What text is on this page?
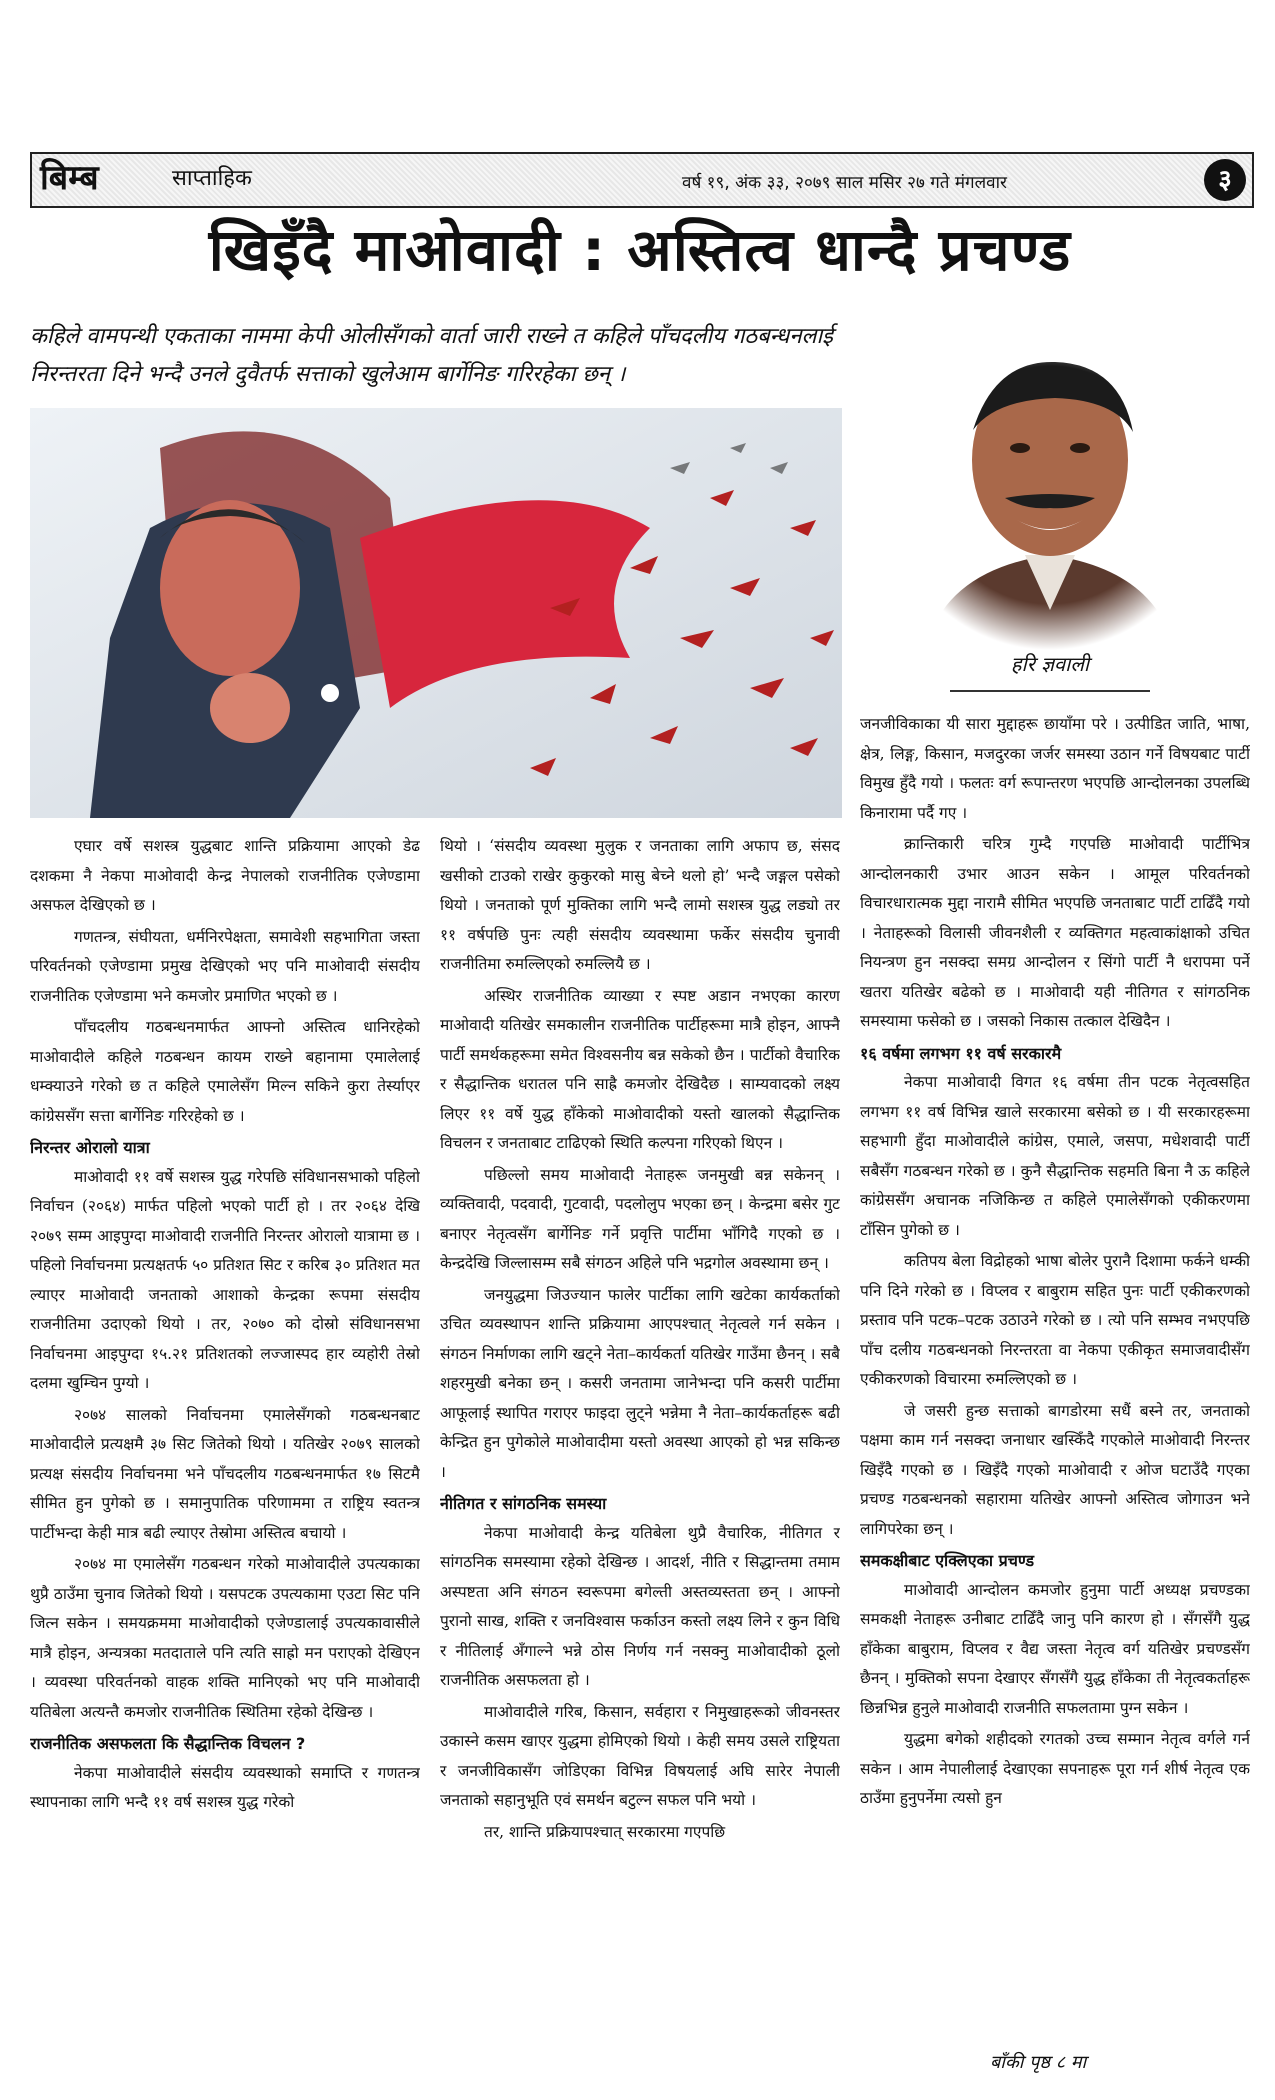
बिम्ब	साप्ताहिक	वर्ष १९, अंक ३३, २०७९ साल मसिर २७ गते मंगलवार	३
खिइँदै माओवादी : अस्तित्व धान्दै प्रचण्ड
कहिले वामपन्थी एकताका नाममा केपी ओलीसँगको वार्ता जारी राख्ने त कहिले पाँचदलीय गठबन्धनलाई निरन्तरता दिने भन्दै उनले दुवैतर्फ सत्ताको खुलेआम बार्गेनिङ गरिरहेका छन् ।
हरि ज्ञवाली

एघार वर्षे सशस्त्र युद्धबाट शान्ति प्रक्रियामा आएको डेढ दशकमा नै नेकपा माओवादी केन्द्र नेपालको राजनीतिक एजेण्डामा असफल देखिएको छ ।

गणतन्त्र, संघीयता, धर्मनिरपेक्षता, समावेशी सहभागिता जस्ता परिवर्तनको एजेण्डामा प्रमुख देखिएको भए पनि माओवादी संसदीय राजनीतिक एजेण्डामा भने कमजोर प्रमाणित भएको छ ।

पाँचदलीय गठबन्धनमार्फत आफ्नो अस्तित्व धानिरहेको माओवादीले कहिले गठबन्धन कायम राख्ने बहानामा एमालेलाई धम्क्याउने गरेको छ त कहिले एमालेसँग मिल्न सकिने कुरा तेर्स्याएर कांग्रेससँग सत्ता बार्गेनिङ गरिरहेको छ ।

निरन्तर ओरालो यात्रा

माओवादी ११ वर्षे सशस्त्र युद्ध गरेपछि संविधानसभाको पहिलो निर्वाचन (२०६४) मार्फत पहिलो भएको पार्टी हो । तर २०६४ देखि २०७९ सम्म आइपुग्दा माओवादी राजनीति निरन्तर ओरालो यात्रामा छ । पहिलो निर्वाचनमा प्रत्यक्षतर्फ ५० प्रतिशत सिट र करिब ३० प्रतिशत मत ल्याएर माओवादी जनताको आशाको केन्द्रका रूपमा संसदीय राजनीतिमा उदाएको थियो । तर, २०७० को दोस्रो संविधानसभा निर्वाचनमा आइपुग्दा १५.२१ प्रतिशतको लज्जास्पद हार व्यहोरी तेस्रो दलमा खुम्चिन पुग्यो ।

२०७४ सालको निर्वाचनमा एमालेसँगको गठबन्धनबाट माओवादीले प्रत्यक्षमै ३७ सिट जितेको थियो । यतिखेर २०७९ सालको प्रत्यक्ष संसदीय निर्वाचनमा भने पाँचदलीय गठबन्धनमार्फत १७ सिटमै सीमित हुन पुगेको छ । समानुपातिक परिणाममा त राष्ट्रिय स्वतन्त्र पार्टीभन्दा केही मात्र बढी ल्याएर तेस्रोमा अस्तित्व बचायो ।

२०७४ मा एमालेसँग गठबन्धन गरेको माओवादीले उपत्यकाका थुप्रै ठाउँमा चुनाव जितेको थियो । यसपटक उपत्यकामा एउटा सिट पनि जित्न सकेन । समयक्रममा माओवादीको एजेण्डालाई उपत्यकावासीले मात्रै होइन, अन्यत्रका मतदाताले पनि त्यति साह्रो मन पराएको देखिएन । व्यवस्था परिवर्तनको वाहक शक्ति मानिएको भए पनि माओवादी यतिबेला अत्यन्तै कमजोर राजनीतिक स्थितिमा रहेको देखिन्छ ।

राजनीतिक असफलता कि सैद्धान्तिक विचलन ?

नेकपा माओवादीले संसदीय व्यवस्थाको समाप्ति र गणतन्त्र स्थापनाका लागि भन्दै ११ वर्ष सशस्त्र युद्ध गरेको

थियो । ‘संसदीय व्यवस्था मुलुक र जनताका लागि अफाप छ, संसद खसीको टाउको राखेर कुकुरको मासु बेच्ने थलो हो’ भन्दै जङ्गल पसेको थियो । जनताको पूर्ण मुक्तिका लागि भन्दै लामो सशस्त्र युद्ध लड्यो तर ११ वर्षपछि पुनः त्यही संसदीय व्यवस्थामा फर्केर संसदीय चुनावी राजनीतिमा रुमल्लिएको रुमल्लियै छ ।

अस्थिर राजनीतिक व्याख्या र स्पष्ट अडान नभएका कारण माओवादी यतिखेर समकालीन राजनीतिक पार्टीहरूमा मात्रै होइन, आफ्नै पार्टी समर्थकहरूमा समेत विश्वसनीय बन्न सकेको छैन । पार्टीको वैचारिक र सैद्धान्तिक धरातल पनि साह्रै कमजोर देखिदैछ । साम्यवादको लक्ष्य लिएर ११ वर्षे युद्ध हाँकेको माओवादीको यस्तो खालको सैद्धान्तिक विचलन र जनताबाट टाढिएको स्थिति कल्पना गरिएको थिएन ।

पछिल्लो समय माओवादी नेताहरू जनमुखी बन्न सकेनन् । व्यक्तिवादी, पदवादी, गुटवादी, पदलोलुप भएका छन् । केन्द्रमा बसेर गुट बनाएर नेतृत्वसँग बार्गेनिङ गर्ने प्रवृत्ति पार्टीमा भाँगिदै गएको छ । केन्द्रदेखि जिल्लासम्म सबै संगठन अहिले पनि भद्रगोल अवस्थामा छन् ।

जनयुद्धमा जिउज्यान फालेर पार्टीका लागि खटेका कार्यकर्ताको उचित व्यवस्थापन शान्ति प्रक्रियामा आएपश्चात् नेतृत्वले गर्न सकेन । संगठन निर्माणका लागि खट्ने नेता–कार्यकर्ता यतिखेर गाउँमा छैनन् । सबै शहरमुखी बनेका छन् । कसरी जनतामा जानेभन्दा पनि कसरी पार्टीमा आफूलाई स्थापित गराएर फाइदा लुट्ने भन्नेमा नै नेता–कार्यकर्ताहरू बढी केन्द्रित हुन पुगेकोले माओवादीमा यस्तो अवस्था आएको हो भन्न सकिन्छ ।

नीतिगत र सांगठनिक समस्या

नेकपा माओवादी केन्द्र यतिबेला थुप्रै वैचारिक, नीतिगत र सांगठनिक समस्यामा रहेको देखिन्छ । आदर्श, नीति र सिद्धान्तमा तमाम अस्पष्टता अनि संगठन स्वरूपमा बगेल्ती अस्तव्यस्तता छन् । आफ्नो पुरानो साख, शक्ति र जनविश्वास फर्काउन कस्तो लक्ष्य लिने र कुन विधि र नीतिलाई अँगाल्ने भन्ने ठोस निर्णय गर्न नसक्नु माओवादीको ठूलो राजनीतिक असफलता हो ।

माओवादीले गरिब, किसान, सर्वहारा र निमुखाहरूको जीवनस्तर उकास्ने कसम खाएर युद्धमा होमिएको थियो । केही समय उसले राष्ट्रियता र जनजीविकासँग जोडिएका विभिन्न विषयलाई अघि सारेर नेपाली जनताको सहानुभूति एवं समर्थन बटुल्न सफल पनि भयो ।

तर, शान्ति प्रक्रियापश्चात् सरकारमा गएपछि

जनजीविकाका यी सारा मुद्दाहरू छायाँमा परे । उत्पीडित जाति, भाषा, क्षेत्र, लिङ्ग, किसान, मजदुरका जर्जर समस्या उठान गर्ने विषयबाट पार्टी विमुख हुँदै गयो । फलतः वर्ग रूपान्तरण भएपछि आन्दोलनका उपलब्धि किनारामा पर्दै गए ।

क्रान्तिकारी चरित्र गुम्दै गएपछि माओवादी पार्टीभित्र आन्दोलनकारी उभार आउन सकेन । आमूल परिवर्तनको विचारधारात्मक मुद्दा नारामै सीमित भएपछि जनताबाट पार्टी टाढिँदै गयो । नेताहरूको विलासी जीवनशैली र व्यक्तिगत महत्वाकांक्षाको उचित नियन्त्रण हुन नसक्दा समग्र आन्दोलन र सिंगो पार्टी नै धरापमा पर्ने खतरा यतिखेर बढेको छ । माओवादी यही नीतिगत र सांगठनिक समस्यामा फसेको छ । जसको निकास तत्काल देखिदैन ।

१६ वर्षमा लगभग ११ वर्ष सरकारमै

नेकपा माओवादी विगत १६ वर्षमा तीन पटक नेतृत्वसहित लगभग ११ वर्ष विभिन्न खाले सरकारमा बसेको छ । यी सरकारहरूमा सहभागी हुँदा माओवादीले कांग्रेस, एमाले, जसपा, मधेशवादी पार्टी सबैसँग गठबन्धन गरेको छ । कुनै सैद्धान्तिक सहमति बिना नै ऊ कहिले कांग्रेससँग अचानक नजिकिन्छ त कहिले एमालेसँगको एकीकरणमा टाँसिन पुगेको छ ।

कतिपय बेला विद्रोहको भाषा बोलेर पुरानै दिशामा फर्कने धम्की पनि दिने गरेको छ । विप्लव र बाबुराम सहित पुनः पार्टी एकीकरणको प्रस्ताव पनि पटक–पटक उठाउने गरेको छ । त्यो पनि सम्भव नभएपछि पाँच दलीय गठबन्धनको निरन्तरता वा नेकपा एकीकृत समाजवादीसँग एकीकरणको विचारमा रुमल्लिएको छ ।

जे जसरी हुन्छ सत्ताको बागडोरमा सधैं बस्ने तर, जनताको पक्षमा काम गर्न नसक्दा जनाधार खस्किँदै गएकोले माओवादी निरन्तर खिइँदै गएको छ । खिइँदै गएको माओवादी र ओज घटाउँदै गएका प्रचण्ड गठबन्धनको सहारामा यतिखेर आफ्नो अस्तित्व जोगाउन भने लागिपरेका छन् ।

समकक्षीबाट एक्लिएका प्रचण्ड

माओवादी आन्दोलन कमजोर हुनुमा पार्टी अध्यक्ष प्रचण्डका समकक्षी नेताहरू उनीबाट टाढिँदै जानु पनि कारण हो । सँगसँगै युद्ध हाँकेका बाबुराम, विप्लव र वैद्य जस्ता नेतृत्व वर्ग यतिखेर प्रचण्डसँग छैनन् । मुक्तिको सपना देखाएर सँगसँगै युद्ध हाँकेका ती नेतृत्वकर्ताहरू छिन्नभिन्न हुनुले माओवादी राजनीति सफलतामा पुग्न सकेन ।

युद्धमा बगेको शहीदको रगतको उच्च सम्मान नेतृत्व वर्गले गर्न सकेन । आम नेपालीलाई देखाएका सपनाहरू पूरा गर्न शीर्ष नेतृत्व एक ठाउँमा हुनुपर्नेमा त्यसो हुन

बाँकी पृष्ठ ८ मा
